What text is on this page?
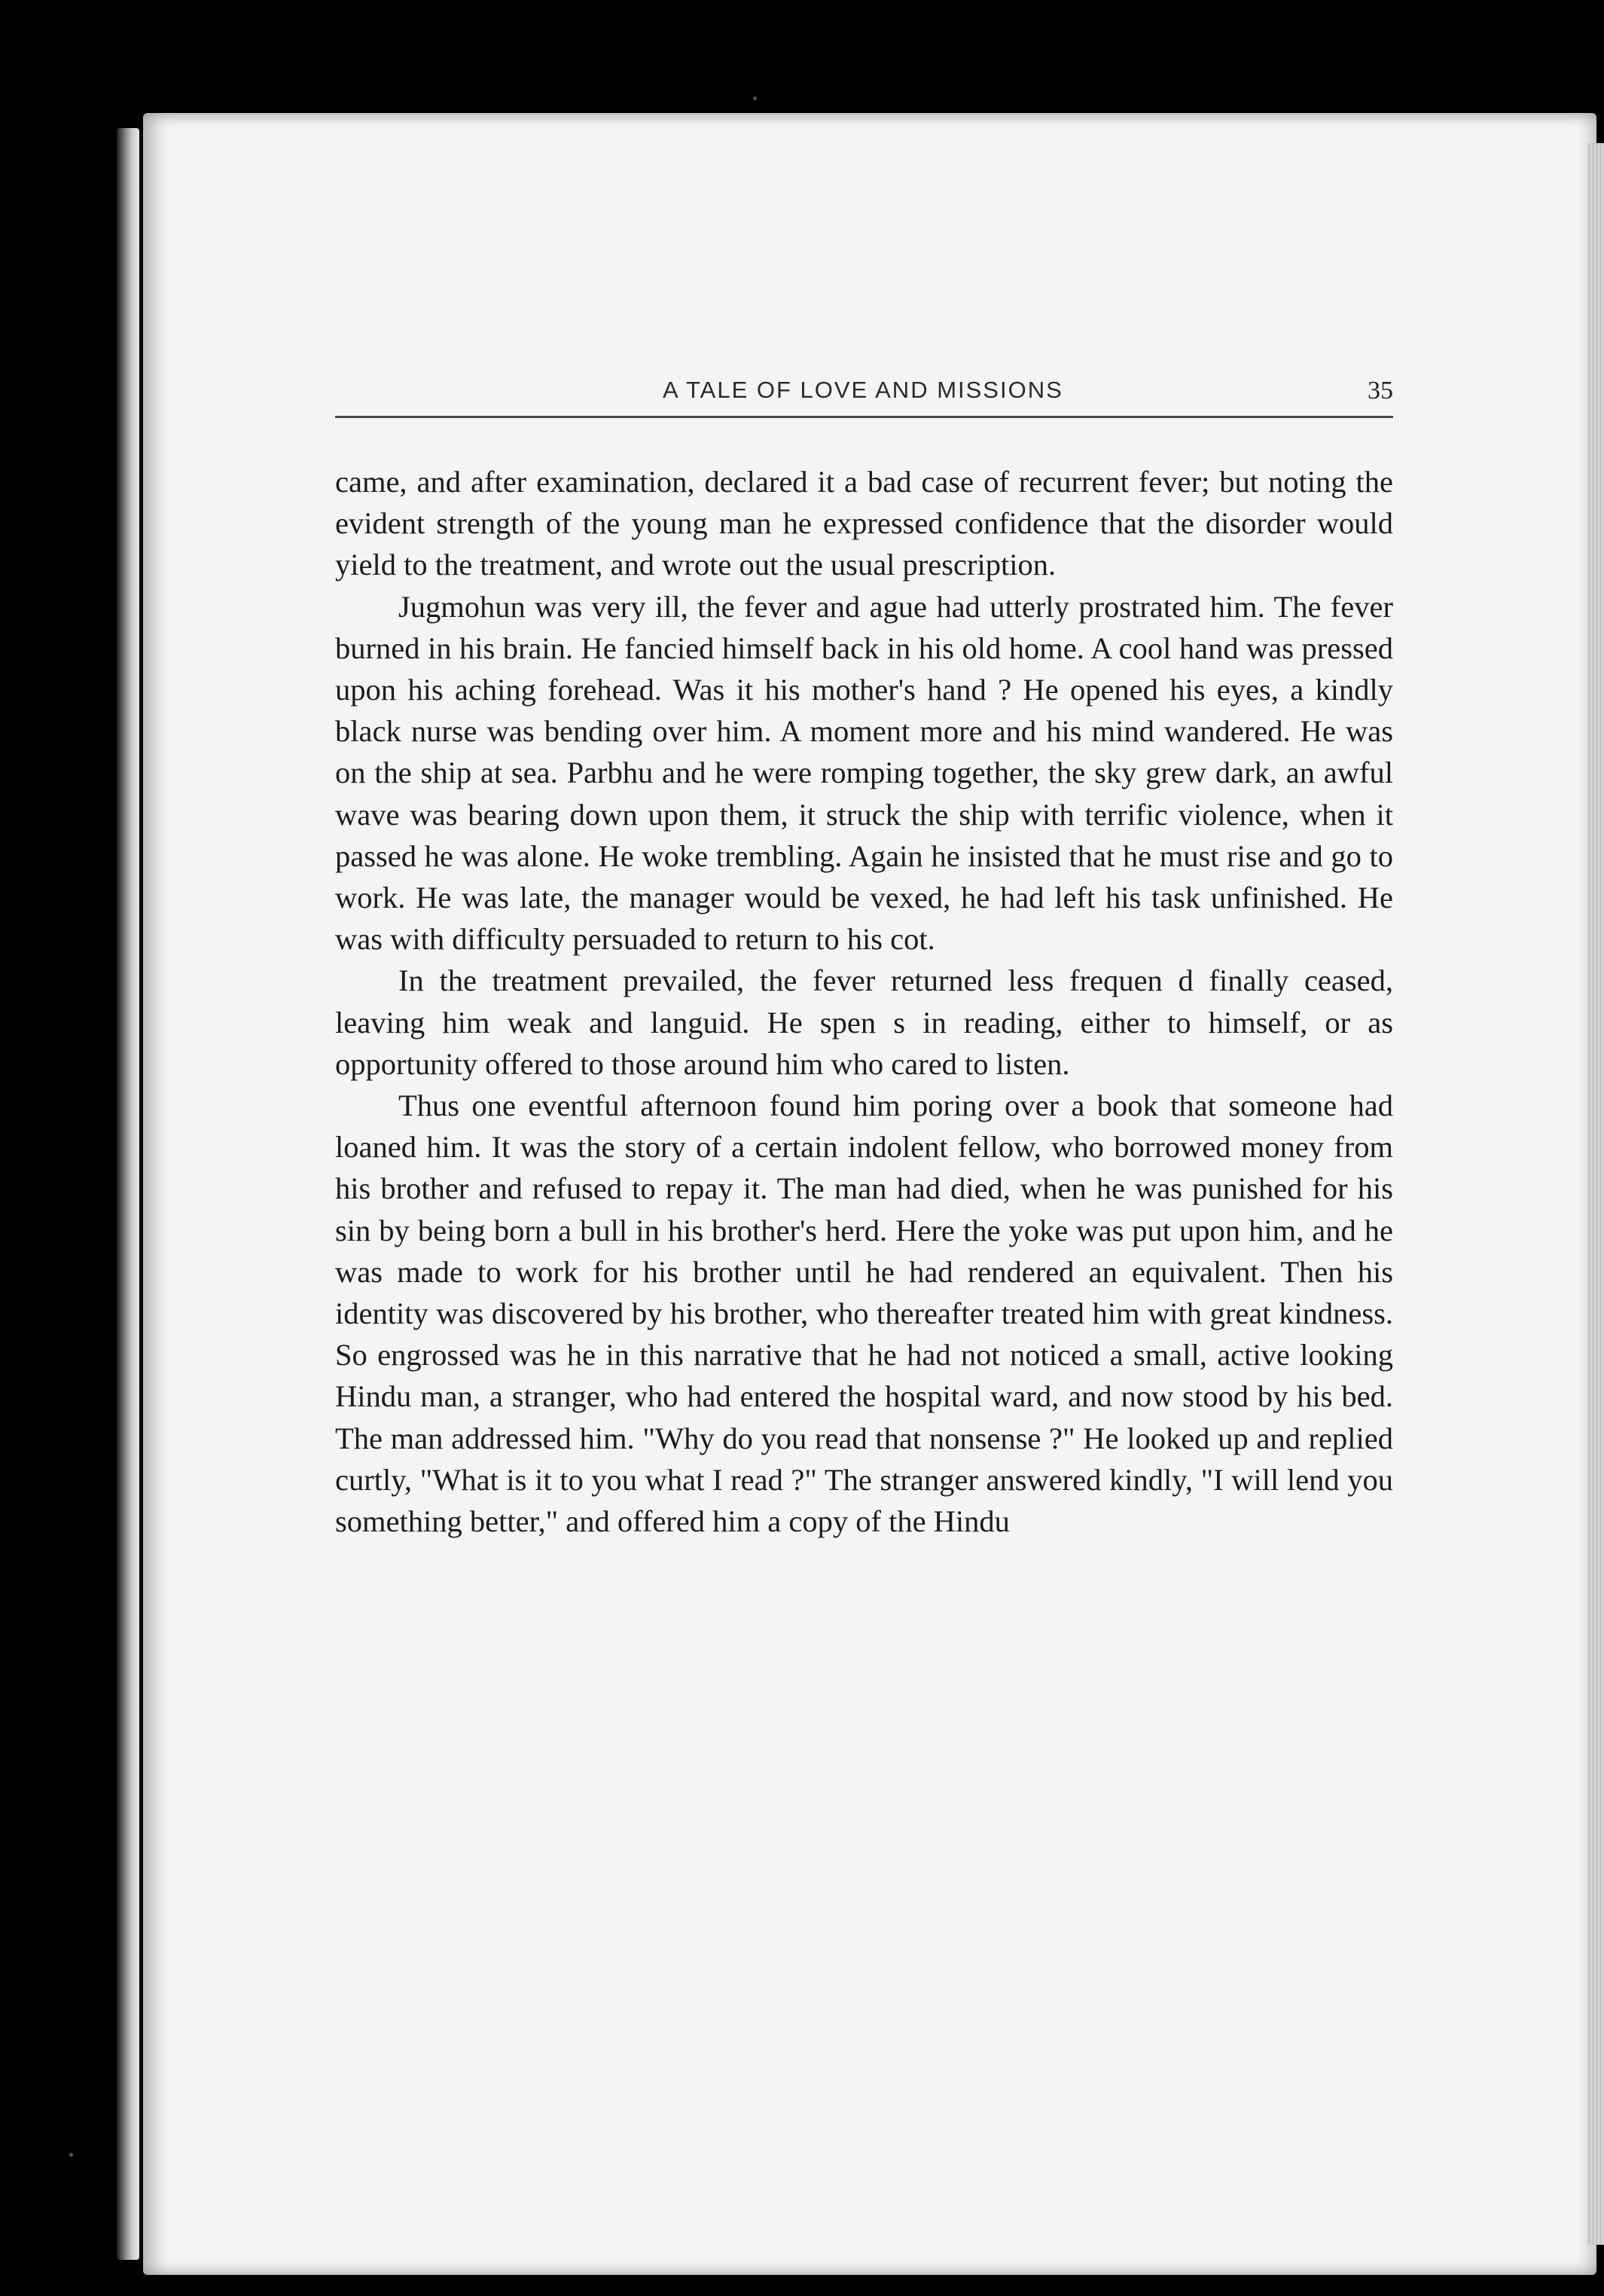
A TALE OF LOVE AND MISSIONS	35

came, and after examination, declared it a bad case of recurrent fever; but noting the evident strength of the young man he expressed confidence that the disorder would yield to the treatment, and wrote out the usual prescription.

Jugmohun was very ill, the fever and ague had utterly prostrated him. The fever burned in his brain. He fancied himself back in his old home. A cool hand was pressed upon his aching forehead. Was it his mother's hand ? He opened his eyes, a kindly black nurse was bending over him. A moment more and his mind wandered. He was on the ship at sea. Parbhu and he were romping together, the sky grew dark, an awful wave was bearing down upon them, it struck the ship with terrific violence, when it passed he was alone. He woke trembling. Again he insisted that he must rise and go to work. He was late, the manager would be vexed, he had left his task unfinished. He was with difficulty persuaded to return to his cot.

In the treatment prevailed, the fever returned less frequen d finally ceased, leaving him weak and languid. He spen s in reading, either to himself, or as opportunity offered to those around him who cared to listen.

Thus one eventful afternoon found him poring over a book that someone had loaned him. It was the story of a certain indolent fellow, who borrowed money from his brother and refused to repay it. The man had died, when he was punished for his sin by being born a bull in his brother's herd. Here the yoke was put upon him, and he was made to work for his brother until he had rendered an equivalent. Then his identity was discovered by his brother, who thereafter treated him with great kindness. So engrossed was he in this narrative that he had not noticed a small, active looking Hindu man, a stranger, who had entered the hospital ward, and now stood by his bed. The man addressed him. "Why do you read that nonsense ?" He looked up and replied curtly, "What is it to you what I read ?" The stranger answered kindly, "I will lend you something better," and offered him a copy of the Hindu
